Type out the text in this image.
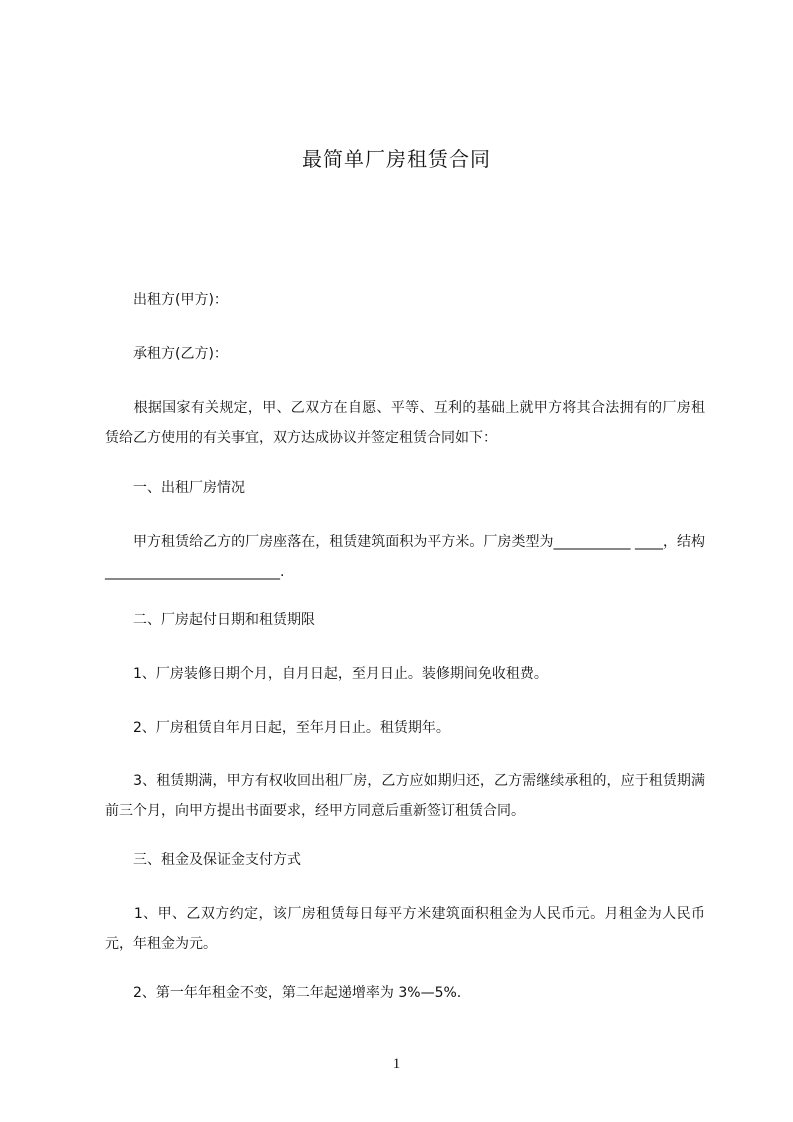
最简单厂房租赁合同

　　出租方(甲方)：

　　承租方(乙方)：

　　根据国家有关规定，甲、乙双方在自愿、平等、互利的基础上就甲方将其合法拥有的厂房租赁给乙方使用的有关事宜，双方达成协议并签定租赁合同如下：

　　一、出租厂房情况

　　甲方租赁给乙方的厂房座落在，租赁建筑面积为平方米。厂房类型为___________ ____，结构_________________________.

　　二、厂房起付日期和租赁期限

　　1、厂房装修日期个月，自月日起，至月日止。装修期间免收租费。

　　2、厂房租赁自年月日起，至年月日止。租赁期年。

　　3、租赁期满，甲方有权收回出租厂房，乙方应如期归还，乙方需继续承租的，应于租赁期满前三个月，向甲方提出书面要求，经甲方同意后重新签订租赁合同。

　　三、租金及保证金支付方式

　　1、甲、乙双方约定，该厂房租赁每日每平方米建筑面积租金为人民币元。月租金为人民币元，年租金为元。

　　2、第一年年租金不变，第二年起递增率为 3%—5%.

1
